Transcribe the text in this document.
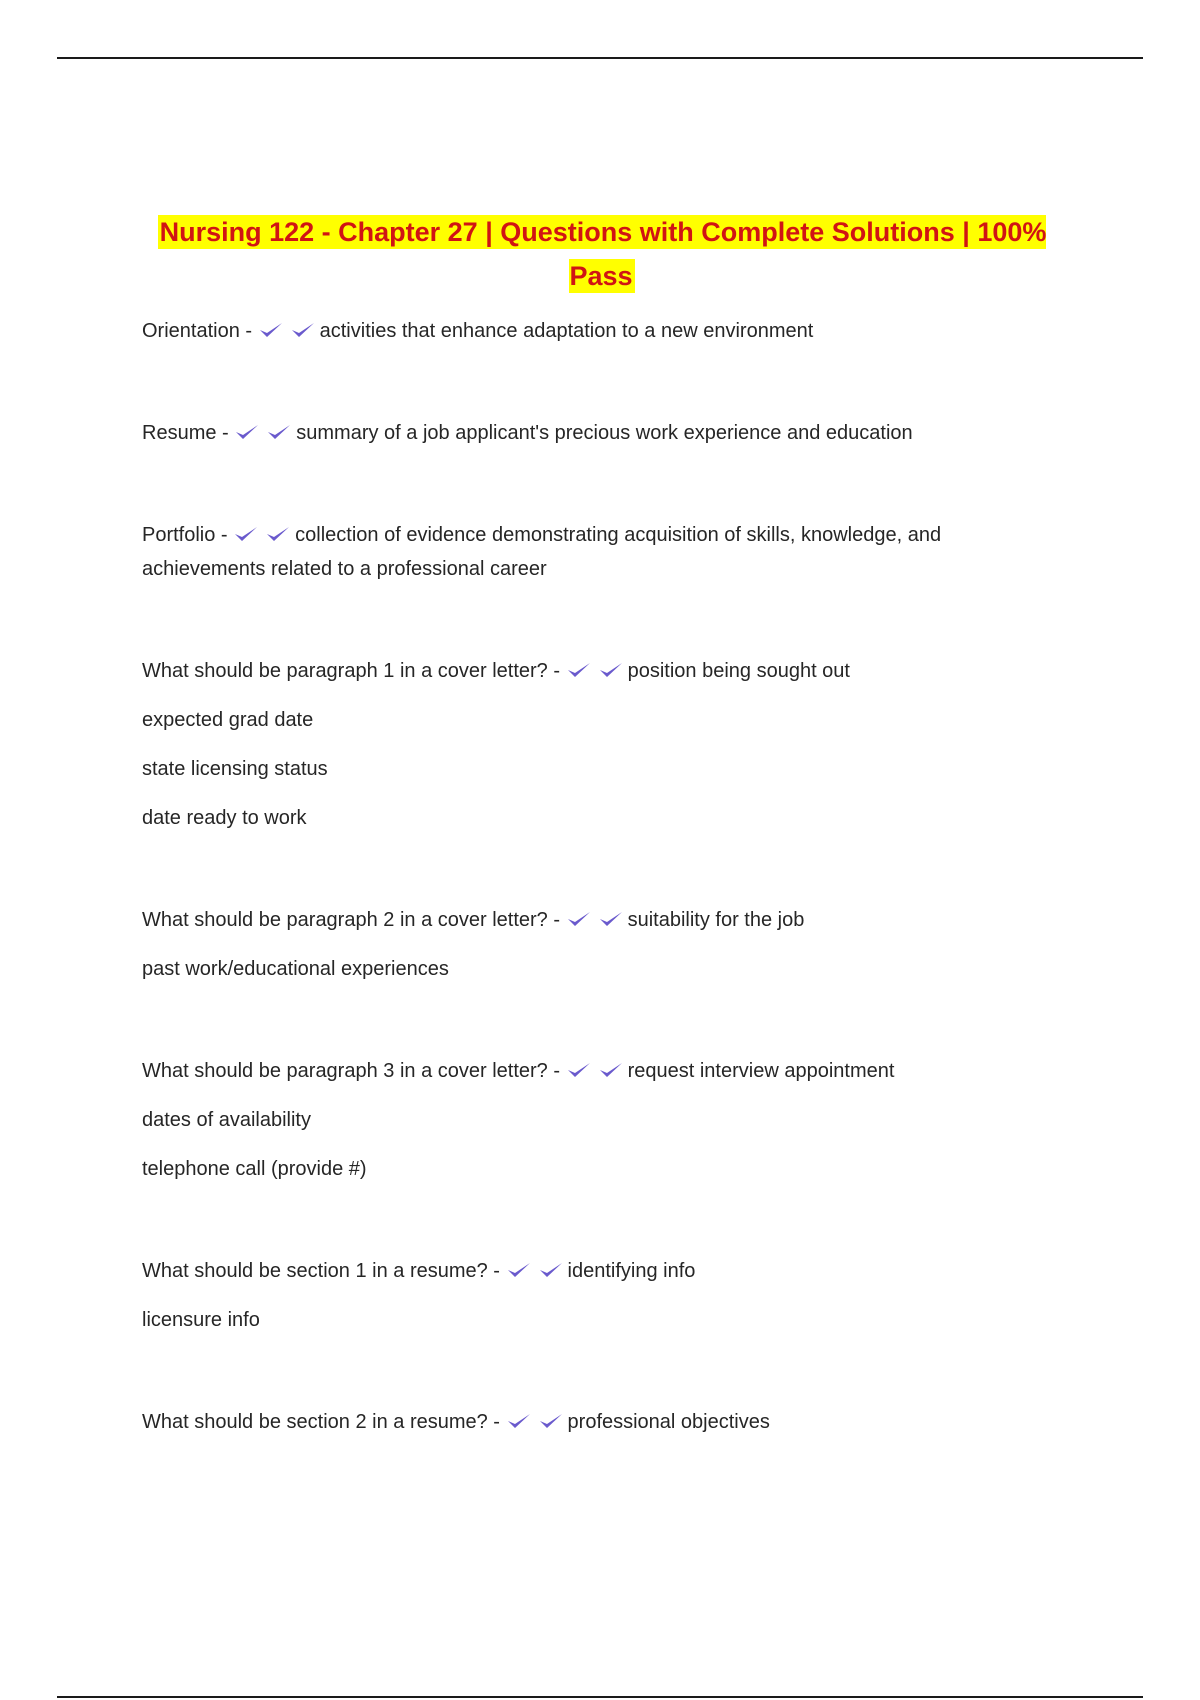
Nursing 122 - Chapter 27 | Questions with Complete Solutions | 100% Pass
Orientation -	activities that enhance adaptation to a new environment
Resume -	summary of a job applicant's precious work experience and education
Portfolio -	collection of evidence demonstrating acquisition of skills, knowledge, and achievements related to a professional career
What should be paragraph 1 in a cover letter? -	position being sought out
expected grad date
state licensing status
date ready to work
What should be paragraph 2 in a cover letter? -	suitability for the job
past work/educational experiences
What should be paragraph 3 in a cover letter? -	request interview appointment
dates of availability
telephone call (provide #)
What should be section 1 in a resume? -	identifying info
licensure info
What should be section 2 in a resume? -	professional objectives
